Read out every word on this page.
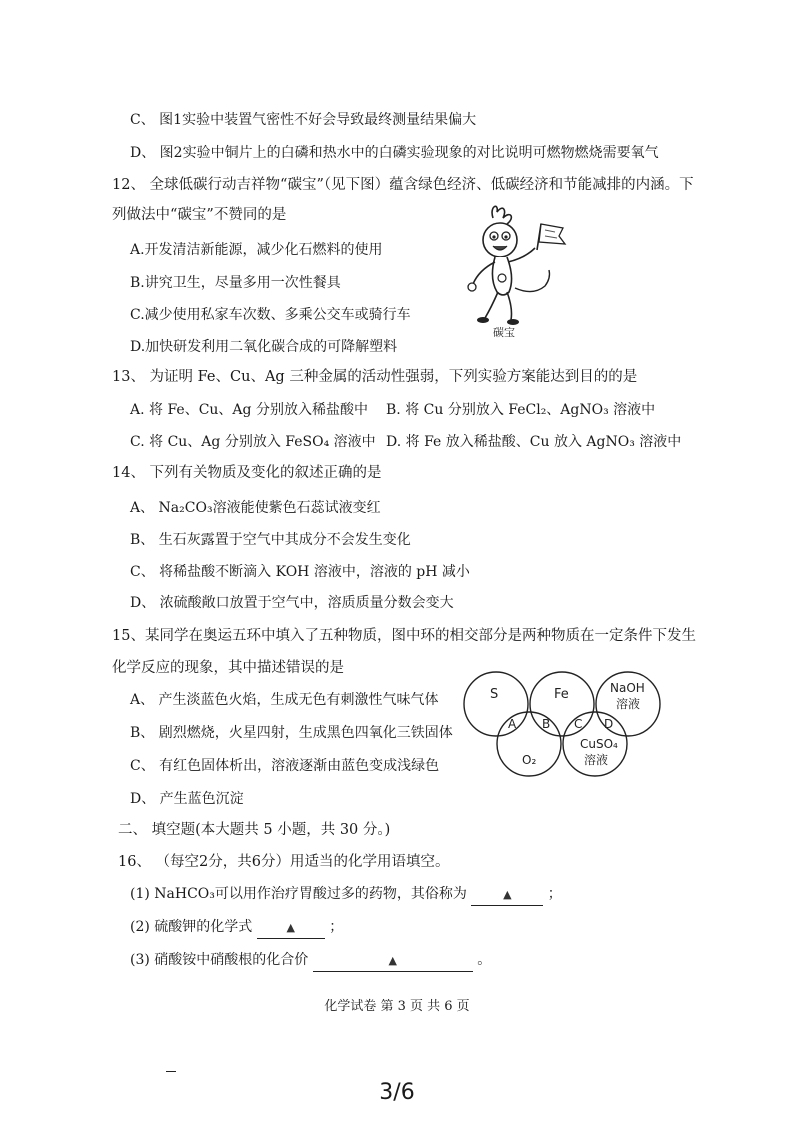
C、 图1实验中装置气密性不好会导致最终测量结果偏大
D、 图2实验中铜片上的白磷和热水中的白磷实验现象的对比说明可燃物燃烧需要氧气
12、 全球低碳行动吉祥物“碳宝”（见下图）蕴含绿色经济、低碳经济和节能减排的内涵。下
列做法中“碳宝”不赞同的是
A.开发清洁新能源，减少化石燃料的使用
B.讲究卫生，尽量多用一次性餐具
C.减少使用私家车次数、多乘公交车或骑行车
D.加快研发利用二氧化碳合成的可降解塑料
碳宝
13、 为证明 Fe、Cu、Ag 三种金属的活动性强弱，下列实验方案能达到目的的是
A. 将 Fe、Cu、Ag 分别放入稀盐酸中 B. 将 Cu 分别放入 FeCl₂、AgNO₃ 溶液中
C. 将 Cu、Ag 分别放入 FeSO₄ 溶液中 D. 将 Fe 放入稀盐酸、Cu 放入 AgNO₃ 溶液中
14、 下列有关物质及变化的叙述正确的是
A、 Na₂CO₃溶液能使紫色石蕊试液变红
B、 生石灰露置于空气中其成分不会发生变化
C、 将稀盐酸不断滴入 KOH 溶液中，溶液的 pH 减小
D、 浓硫酸敞口放置于空气中，溶质质量分数会变大
15、某同学在奥运五环中填入了五种物质，图中环的相交部分是两种物质在一定条件下发生
化学反应的现象，其中描述错误的是
A、 产生淡蓝色火焰，生成无色有刺激性气味气体
B、 剧烈燃烧，火星四射，生成黑色四氧化三铁固体
C、 有红色固体析出，溶液逐渐由蓝色变成浅绿色
D、 产生蓝色沉淀
S	Fe	NaOH
溶液
O₂
CuSO₄
溶液
A B C D
二、 填空题(本大题共 5 小题，共 30 分。)
16、 （每空2分，共6分）用适当的化学用语填空。
(1) NaHCO₃可以用作治疗胃酸过多的药物，其俗称为	▲	；
(2) 硫酸钾的化学式	▲ ；
(3) 硝酸铵中硝酸根的化合价	▲	。
化学试卷 第 3 页 共 6 页
3/6
